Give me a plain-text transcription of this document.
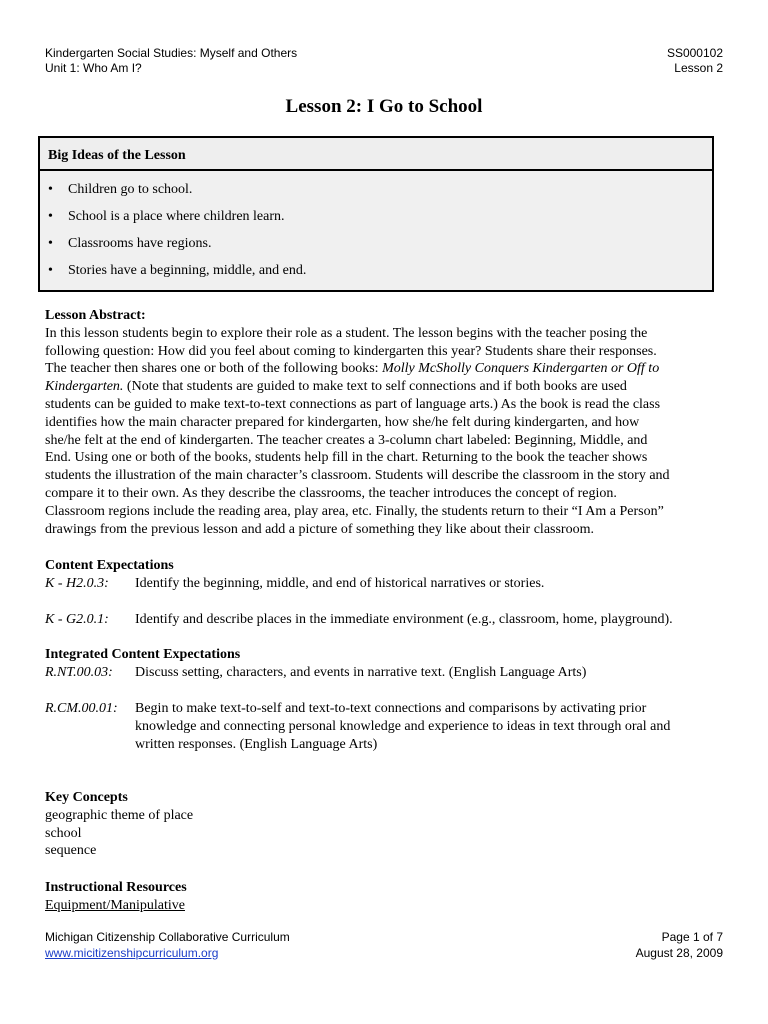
Kindergarten Social Studies: Myself and Others
Unit 1: Who Am I?
SS000102
Lesson 2
Lesson 2: I Go to School
Big Ideas of the Lesson
• Children go to school.
• School is a place where children learn.
• Classrooms have regions.
• Stories have a beginning, middle, and end.
Lesson Abstract:
In this lesson students begin to explore their role as a student. The lesson begins with the teacher posing the
following question: How did you feel about coming to kindergarten this year? Students share their responses.
The teacher then shares one or both of the following books: Molly McSholly Conquers Kindergarten or Off to
Kindergarten. (Note that students are guided to make text to self connections and if both books are used
students can be guided to make text-to-text connections as part of language arts.) As the book is read the class
identifies how the main character prepared for kindergarten, how she/he felt during kindergarten, and how
she/he felt at the end of kindergarten. The teacher creates a 3-column chart labeled: Beginning, Middle, and
End. Using one or both of the books, students help fill in the chart. Returning to the book the teacher shows
students the illustration of the main character’s classroom. Students will describe the classroom in the story and
compare it to their own. As they describe the classrooms, the teacher introduces the concept of region.
Classroom regions include the reading area, play area, etc. Finally, the students return to their “I Am a Person”
drawings from the previous lesson and add a picture of something they like about their classroom.
Content Expectations
K - H2.0.3: Identify the beginning, middle, and end of historical narratives or stories.
K - G2.0.1: Identify and describe places in the immediate environment (e.g., classroom, home, playground).
Integrated Content Expectations
R.NT.00.03: Discuss setting, characters, and events in narrative text. (English Language Arts)
R.CM.00.01: Begin to make text-to-self and text-to-text connections and comparisons by activating prior
knowledge and connecting personal knowledge and experience to ideas in text through oral and
written responses. (English Language Arts)
Key Concepts
geographic theme of place
school
sequence
Instructional Resources
Equipment/Manipulative
Michigan Citizenship Collaborative Curriculum
www.micitizenshipcurriculum.org
Page 1 of 7
August 28, 2009
